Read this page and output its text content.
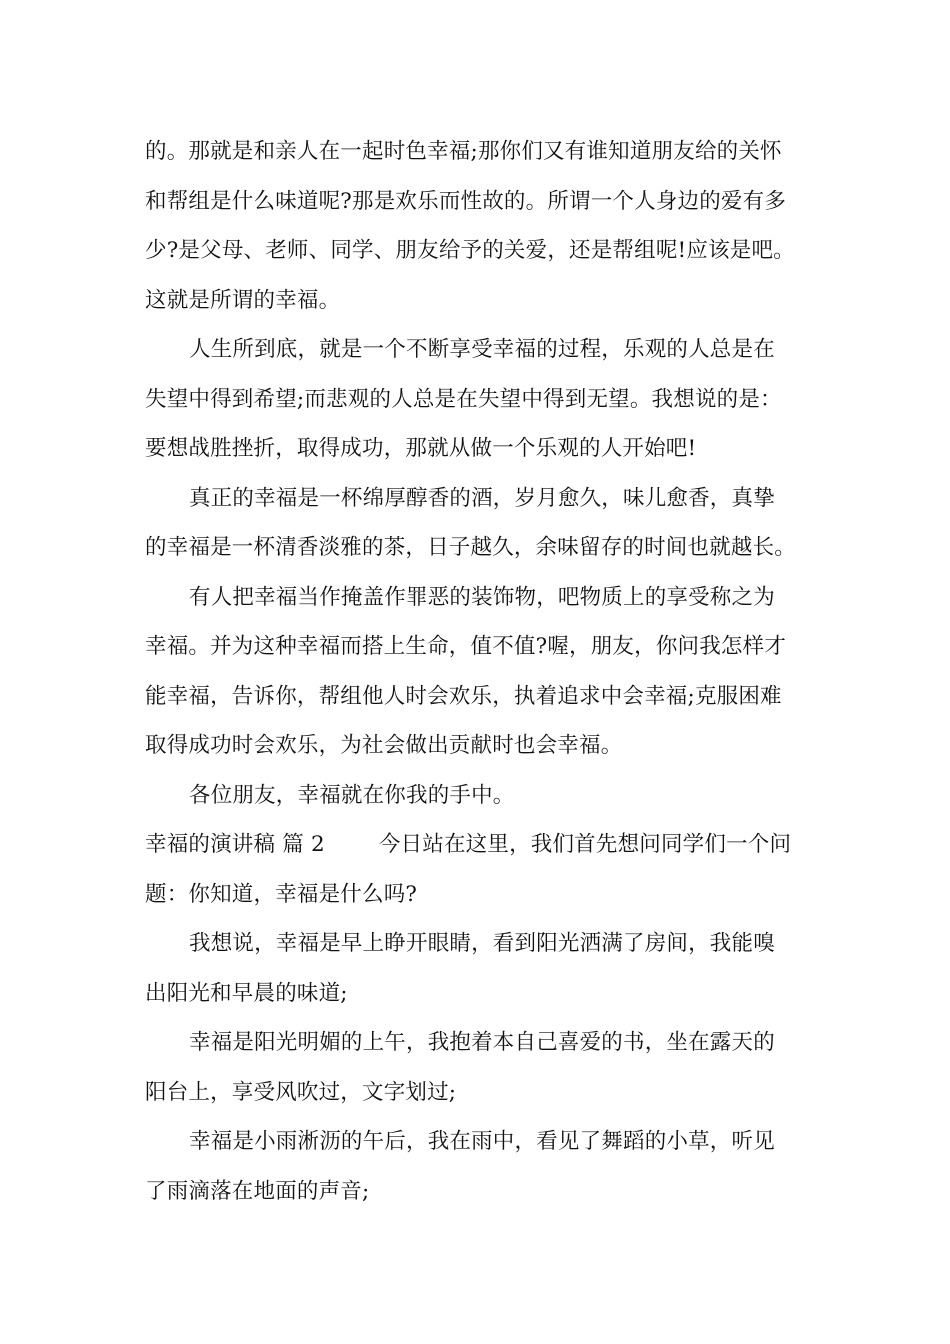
的。那就是和亲人在一起时色幸福;那你们又有谁知道朋友给的关怀
和帮组是什么味道呢?那是欢乐而性故的。所谓一个人身边的爱有多
少?是父母、老师、同学、朋友给予的关爱，还是帮组呢!应该是吧。
这就是所谓的幸福。
人生所到底，就是一个不断享受幸福的过程，乐观的人总是在
失望中得到希望;而悲观的人总是在失望中得到无望。我想说的是：
要想战胜挫折，取得成功，那就从做一个乐观的人开始吧!
真正的幸福是一杯绵厚醇香的酒，岁月愈久，味儿愈香，真挚
的幸福是一杯清香淡雅的茶，日子越久，余味留存的时间也就越长。
有人把幸福当作掩盖作罪恶的装饰物，吧物质上的享受称之为
幸福。并为这种幸福而搭上生命，值不值?喔，朋友，你问我怎样才
能幸福，告诉你，帮组他人时会欢乐，执着追求中会幸福;克服困难
取得成功时会欢乐，为社会做出贡献时也会幸福。
各位朋友，幸福就在你我的手中。
幸福的演讲稿 篇 2	今日站在这里，我们首先想问同学们一个问
题：你知道，幸福是什么吗?
我想说，幸福是早上睁开眼睛，看到阳光洒满了房间，我能嗅
出阳光和早晨的味道;
幸福是阳光明媚的上午，我抱着本自己喜爱的书，坐在露天的
阳台上，享受风吹过，文字划过;
幸福是小雨淅沥的午后，我在雨中，看见了舞蹈的小草，听见
了雨滴落在地面的声音;
